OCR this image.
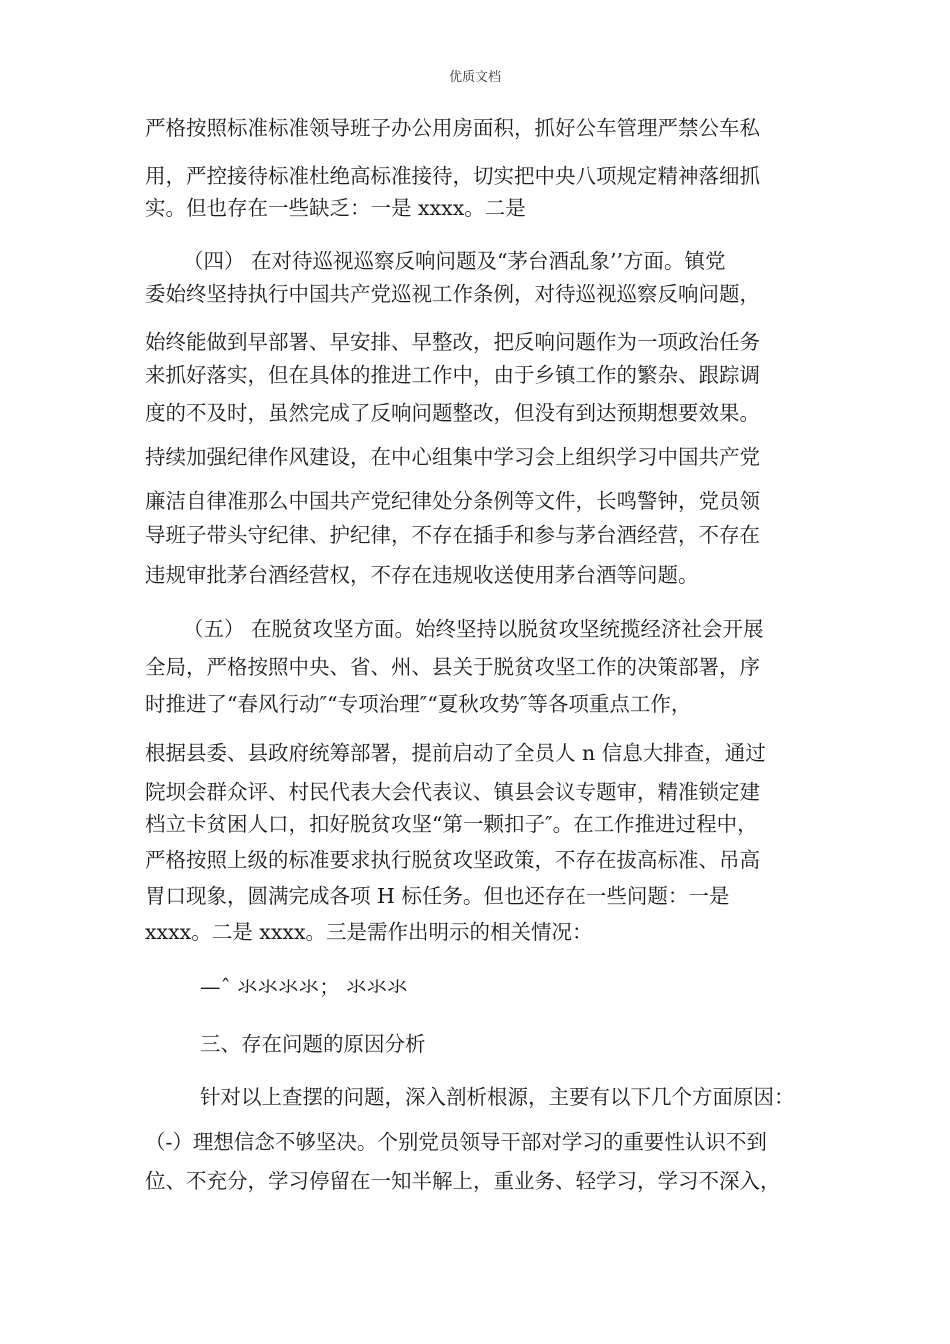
优质文档
严格按照标准标准领导班子办公用房面积，抓好公车管理严禁公车私
用，严控接待标准杜绝高标准接待，切实把中央八项规定精神落细抓
实。但也存在一些缺乏：一是 xxxx。二是
（四） 在对待巡视巡察反响问题及“茅台酒乱象’’方面。镇党
委始终坚持执行中国共产党巡视工作条例，对待巡视巡察反响问题，
始终能做到早部署、早安排、早整改，把反响问题作为一项政治任务
来抓好落实，但在具体的推进工作中，由于乡镇工作的繁杂、跟踪调
度的不及时，虽然完成了反响问题整改，但没有到达预期想要效果。
持续加强纪律作风建设，在中心组集中学习会上组织学习中国共产党
廉洁自律准那么中国共产党纪律处分条例等文件，长鸣警钟，党员领
导班子带头守纪律、护纪律，不存在插手和参与茅台酒经营，不存在
违规审批茅台酒经营权，不存在违规收送使用茅台酒等问题。
（五） 在脱贫攻坚方面。始终坚持以脱贫攻坚统揽经济社会开展
全局，严格按照中央、省、州、县关于脱贫攻坚工作的决策部署，序
时推进了“春风行动″“专项治理″“夏秋攻势″等各项重点工作，
根据县委、县政府统筹部署，提前启动了全员人 n 信息大排查，通过
院坝会群众评、村民代表大会代表议、镇县会议专题审，精准锁定建
档立卡贫困人口，扣好脱贫攻坚“第一颗扣子″。在工作推进过程中，
严格按照上级的标准要求执行脱贫攻坚政策，不存在拔高标准、吊高
胃口现象，圆满完成各项 H 标任务。但也还存在一些问题：一是
xxxx。二是 xxxx。三是需作出明示的相关情况：
—ˆ 氺氺氺氺； 氺氺氺
三、存在问题的原因分析
针对以上查摆的问题，深入剖析根源，主要有以下几个方面原因：
（-）理想信念不够坚决。个别党员领导干部对学习的重要性认识不到
位、不充分，学习停留在一知半解上，重业务、轻学习，学习不深入，
